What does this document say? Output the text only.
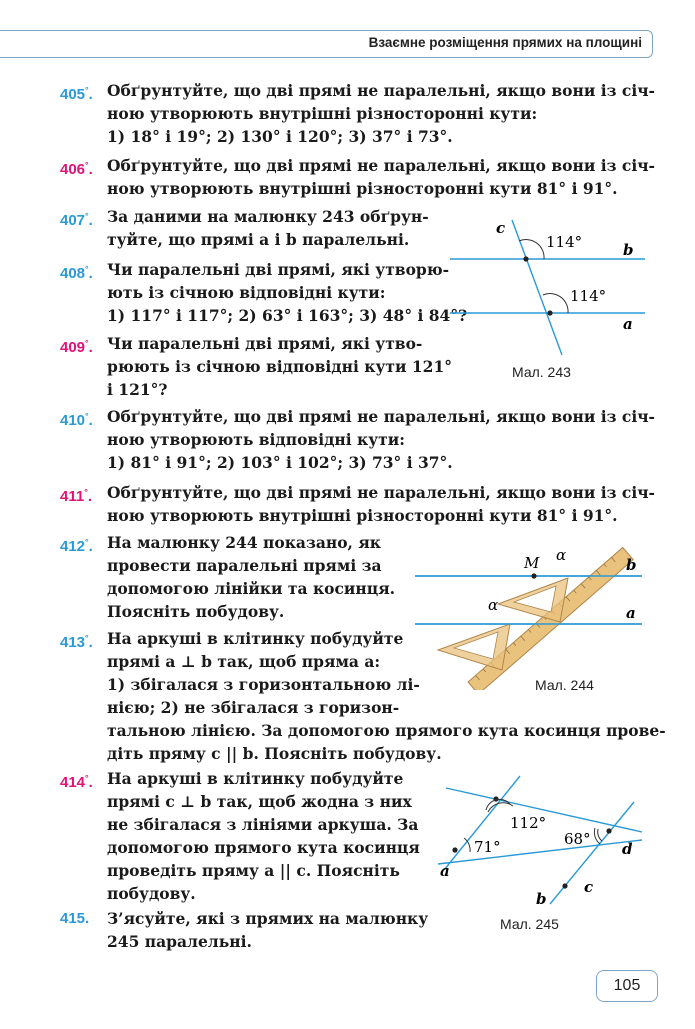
Взаємне розміщення прямих на площині
405°. Обґрунтуйте, що дві прямі не паралельні, якщо вони із січ-
ною утворюють внутрішні різносторонні кути:
1) 18° і 19°; 2) 130° і 120°; 3) 37° і 73°.
406°. Обґрунтуйте, що дві прямі не паралельні, якщо вони із січ-
ною утворюють внутрішні різносторонні кути 81° і 91°.
407°. За даними на малюнку 243 обґрун-
туйте, що прямі a і b паралельні.
408°. Чи паралельні дві прямі, які утворю-
ють із січною відповідні кути:
1) 117° і 117°; 2) 63° і 163°; 3) 48° і 84°?
409°. Чи паралельні дві прямі, які утво-
рюють із січною відповідні кути 121°
і 121°?
410°. Обґрунтуйте, що дві прямі не паралельні, якщо вони із січ-
ною утворюють відповідні кути:
1) 81° і 91°; 2) 103° і 102°; 3) 73° і 37°.
411°. Обґрунтуйте, що дві прямі не паралельні, якщо вони із січ-
ною утворюють внутрішні різносторонні кути 81° і 91°.
412°. На малюнку 244 показано, як
провести паралельні прямі за
допомогою лінійки та косинця.
Поясніть побудову.
413°. На аркуші в клітинку побудуйте
прямі a ⊥ b так, щоб пряма a:
1) збігалася з горизонтальною лі-
нією; 2) не збігалася з горизон-
тальною лінією. За допомогою прямого кута косинця прове-
діть пряму c || b. Поясніть побудову.
414°. На аркуші в клітинку побудуйте
прямі c ⊥ b так, щоб жодна з них
не збігалася з лініями аркуша. За
допомогою прямого кута косинця
проведіть пряму a || c. Поясніть
побудову.
415. З’ясуйте, які з прямих на малюнку
245 паралельні.
114°
114°
c
b
a
Мал. 243
M α
α
b
a
Мал. 244
112°
71°	68°
a
b
c
d
Мал. 245
105
